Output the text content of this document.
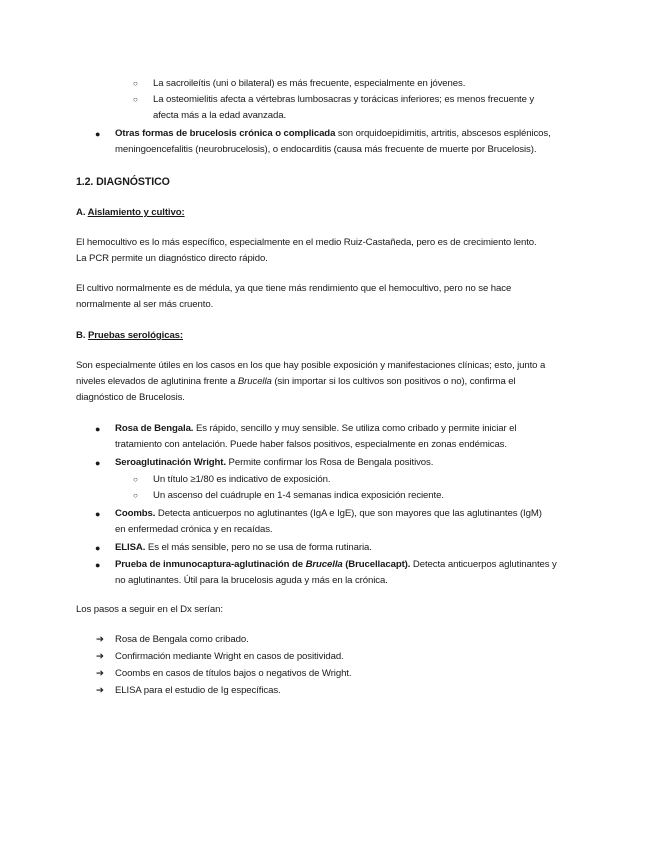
○ La sacroileítis (uni o bilateral) es más frecuente, especialmente en jóvenes.
○ La osteomielitis afecta a vértebras lumbosacras y torácicas inferiores; es menos frecuente y
afecta más a la edad avanzada.
● Otras formas de brucelosis crónica o complicada son orquidoepidimitis, artritis, abscesos esplénicos,
meningoencefalitis (neurobrucelosis), o endocarditis (causa más frecuente de muerte por Brucelosis).
1.2. DIAGNÓSTICO
A. Aislamiento y cultivo:
El hemocultivo es lo más específico, especialmente en el medio Ruiz-Castañeda, pero es de crecimiento lento.
La PCR permite un diagnóstico directo rápido.
El cultivo normalmente es de médula, ya que tiene más rendimiento que el hemocultivo, pero no se hace
normalmente al ser más cruento.
B. Pruebas serológicas:
Son especialmente útiles en los casos en los que hay posible exposición y manifestaciones clínicas; esto, junto a
niveles elevados de aglutinina frente a Brucella (sin importar si los cultivos son positivos o no), confirma el
diagnóstico de Brucelosis.
● Rosa de Bengala. Es rápido, sencillo y muy sensible. Se utiliza como cribado y permite iniciar el
tratamiento con antelación. Puede haber falsos positivos, especialmente en zonas endémicas.
● Seroaglutinación Wright. Permite confirmar los Rosa de Bengala positivos.
○ Un título ≥1/80 es indicativo de exposición.
○ Un ascenso del cuádruple en 1-4 semanas indica exposición reciente.
● Coombs. Detecta anticuerpos no aglutinantes (IgA e IgE), que son mayores que las aglutinantes (IgM)
en enfermedad crónica y en recaídas.
● ELISA. Es el más sensible, pero no se usa de forma rutinaria.
● Prueba de inmunocaptura-aglutinación de Brucella (Brucellacapt). Detecta anticuerpos aglutinantes y
no aglutinantes. Útil para la brucelosis aguda y más en la crónica.
Los pasos a seguir en el Dx serían:
➔ Rosa de Bengala como cribado.
➔ Confirmación mediante Wright en casos de positividad.
➔ Coombs en casos de títulos bajos o negativos de Wright.
➔ ELISA para el estudio de Ig específicas.
